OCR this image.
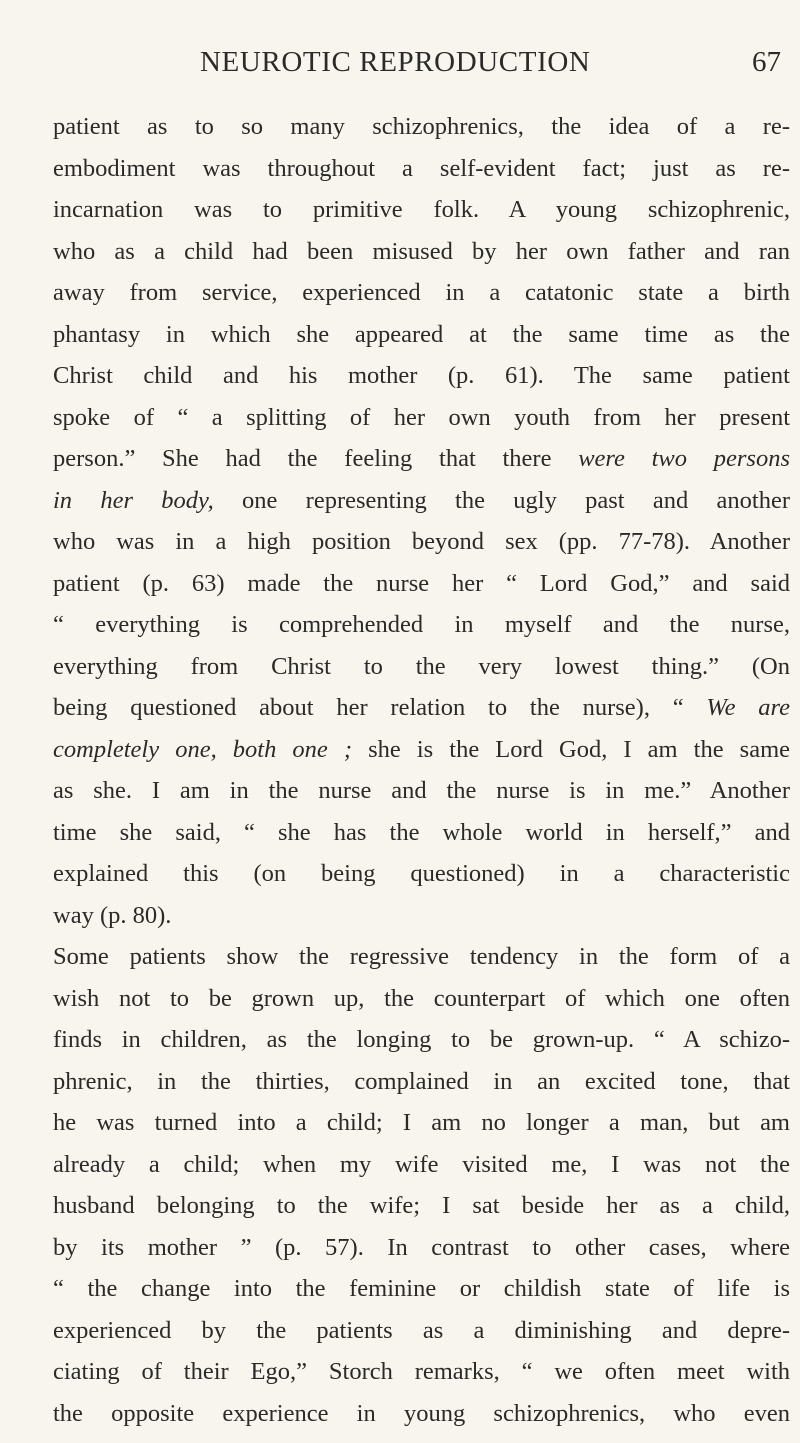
NEUROTIC REPRODUCTION	67
patient as to so many schizophrenics, the idea of a re-
embodiment was throughout a self-evident fact; just as re-
incarnation was to primitive folk. A young schizophrenic,
who as a child had been misused by her own father and ran
away from service, experienced in a catatonic state a birth
phantasy in which she appeared at the same time as the
Christ child and his mother (p. 61). The same patient
spoke of “ a splitting of her own youth from her present
person.” She had the feeling that there were two persons
in her body, one representing the ugly past and another
who was in a high position beyond sex (pp. 77-78). Another
patient (p. 63) made the nurse her “ Lord God,” and said
“ everything is comprehended in myself and the nurse,
everything from Christ to the very lowest thing.” (On
being questioned about her relation to the nurse), “ We are
completely one, both one ; she is the Lord God, I am the same
as she. I am in the nurse and the nurse is in me.” Another
time she said, “ she has the whole world in herself,” and
explained this (on being questioned) in a characteristic
way (p. 80).
Some patients show the regressive tendency in the form of a
wish not to be grown up, the counterpart of which one often
finds in children, as the longing to be grown-up. “ A schizo-
phrenic, in the thirties, complained in an excited tone, that
he was turned into a child; I am no longer a man, but am
already a child; when my wife visited me, I was not the
husband belonging to the wife; I sat beside her as a child,
by its mother ” (p. 57). In contrast to other cases, where
“ the change into the feminine or childish state of life is
experienced by the patients as a diminishing and depre-
ciating of their Ego,” Storch remarks, “ we often meet with
the opposite experience in young schizophrenics, who even
